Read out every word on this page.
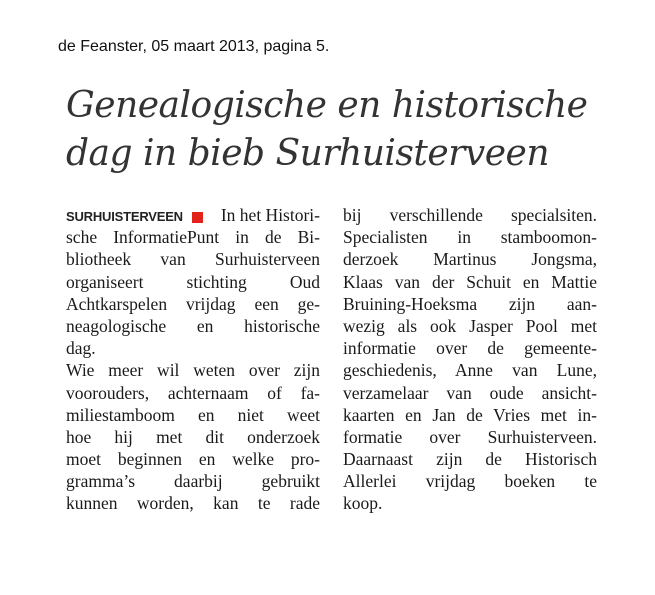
de Feanster, 05 maart 2013, pagina 5.
Genealogische en historische
dag in bieb Surhuisterveen
SURHUISTERVEEN In het Histori-
sche InformatiePunt in de Bi-
bliotheek van Surhuisterveen
organiseert stichting Oud
Achtkarspelen vrijdag een ge-
neagologische en historische
dag.
Wie meer wil weten over zijn
voorouders, achternaam of fa-
miliestamboom en niet weet
hoe hij met dit onderzoek
moet beginnen en welke pro-
gramma’s daarbij gebruikt
kunnen worden, kan te rade
bij verschillende specialsiten.
Specialisten in stamboomon-
derzoek Martinus Jongsma,
Klaas van der Schuit en Mattie
Bruining-Hoeksma zijn aan-
wezig als ook Jasper Pool met
informatie over de gemeente-
geschiedenis, Anne van Lune,
verzamelaar van oude ansicht-
kaarten en Jan de Vries met in-
formatie over Surhuisterveen.
Daarnaast zijn de Historisch
Allerlei vrijdag boeken te
koop.
